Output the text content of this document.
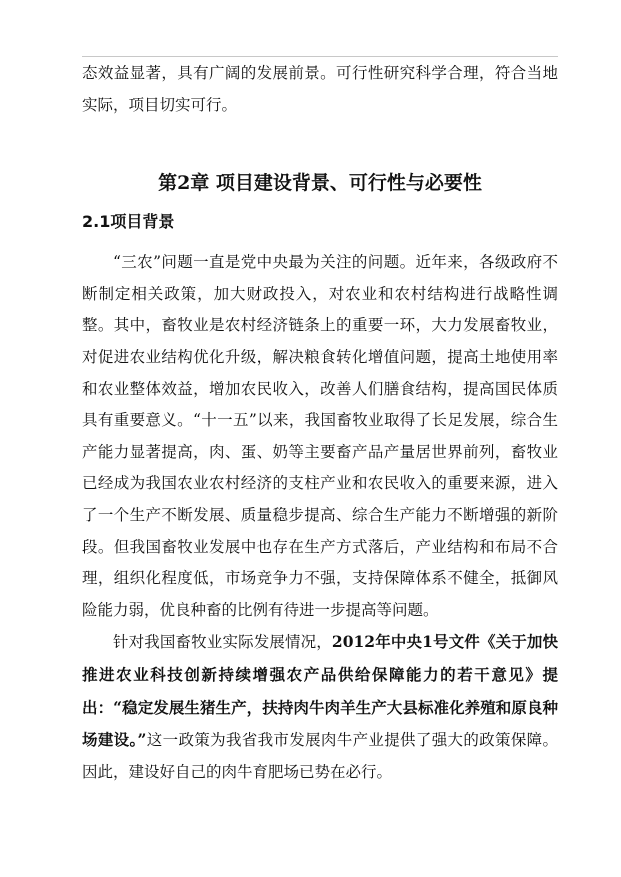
态效益显著，具有广阔的发展前景。可行性研究科学合理，符合当地实际，项目切实可行。

第2章 项目建设背景、可行性与必要性
2.1项目背景

“三农”问题一直是党中央最为关注的问题。近年来，各级政府不断制定相关政策，加大财政投入，对农业和农村结构进行战略性调整。其中，畜牧业是农村经济链条上的重要一环，大力发展畜牧业，对促进农业结构优化升级，解决粮食转化增值问题，提高土地使用率和农业整体效益，增加农民收入，改善人们膳食结构，提高国民体质具有重要意义。“十一五”以来，我国畜牧业取得了长足发展，综合生产能力显著提高，肉、蛋、奶等主要畜产品产量居世界前列，畜牧业已经成为我国农业农村经济的支柱产业和农民收入的重要来源，进入了一个生产不断发展、质量稳步提高、综合生产能力不断增强的新阶段。但我国畜牧业发展中也存在生产方式落后，产业结构和布局不合理，组织化程度低，市场竞争力不强，支持保障体系不健全，抵御风险能力弱，优良种畜的比例有待进一步提高等问题。

针对我国畜牧业实际发展情况，2012年中央1号文件《关于加快推进农业科技创新持续增强农产品供给保障能力的若干意见》提出：“稳定发展生猪生产，扶持肉牛肉羊生产大县标准化养殖和原良种场建设。”这一政策为我省我市发展肉牛产业提供了强大的政策保障。因此，建设好自己的肉牛育肥场已势在必行。
